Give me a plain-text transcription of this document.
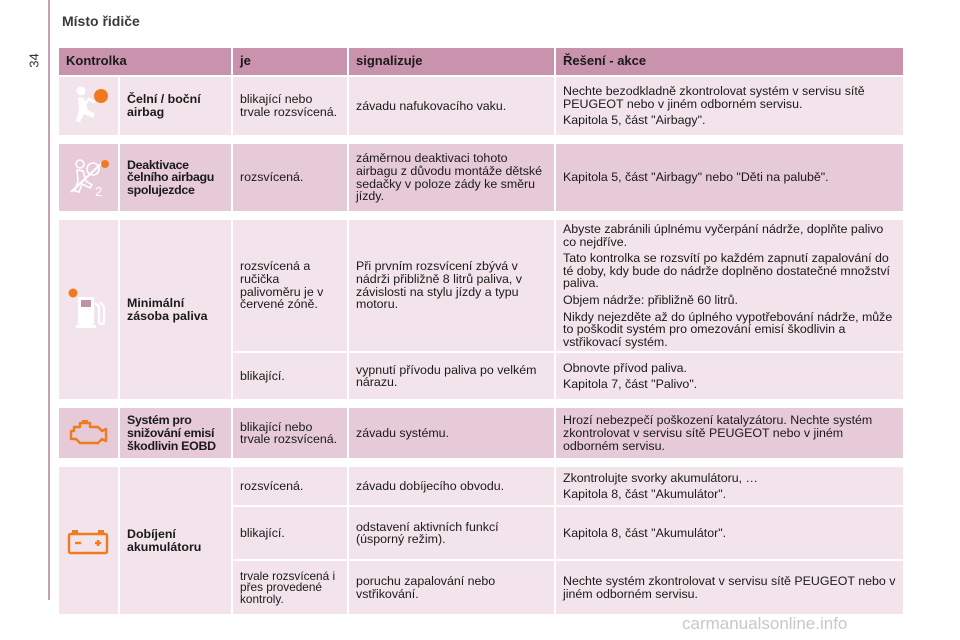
34
Místo řidiče
Kontrolka		je	signalizuje	Řešení - akce

	Čelní / boční airbag	blikající nebo trvale rozsvícená.	závadu nafukovacího vaku.	Nechte bezodkladně zkontrolovat systém v servisu sítě PEUGEOT nebo v jiném odborném servisu.

Kapitola 5, část "Airbagy".

2	Deaktivace čelního airbagu spolujezdce	rozsvícená.	záměrnou deaktivaci tohoto airbagu z důvodu montáže dětské sedačky v poloze zády ke směru jízdy.	Kapitola 5, část "Airbagy" nebo "Děti na palubě".

	Minimální zásoba paliva	rozsvícená a ručička palivoměru je v červené zóně.	Při prvním rozsvícení zbývá v nádrži přibližně 8 litrů paliva, v závislosti na stylu jízdy a typu motoru.	Abyste zabránili úplnému vyčerpání nádrže, doplňte palivo co nejdříve.

Tato kontrolka se rozsvítí po každém zapnutí zapalování do té doby, kdy bude do nádrže doplněno dostatečné množství paliva.

Objem nádrže: přibližně 60 litrů.

Nikdy nejezděte až do úplného vypotřebování nádrže, může to poškodit systém pro omezování emisí škodlivin a vstřikovací systém.

		blikající.	vypnutí přívodu paliva po velkém nárazu.	Obnovte přívod paliva.

Kapitola 7, část "Palivo".

	Systém pro snižování emisí škodlivin EOBD	blikající nebo trvale rozsvícená.	závadu systému.	Hrozí nebezpečí poškození katalyzátoru. Nechte systém zkontrolovat v servisu sítě PEUGEOT nebo v jiném odborném servisu.

	Dobíjení akumulátoru	rozsvícená.	závadu dobíjecího obvodu.	Zkontrolujte svorky akumulátoru, …

Kapitola 8, část "Akumulátor".

		blikající.	odstavení aktivních funkcí (úsporný režim).	Kapitola 8, část "Akumulátor".

		trvale rozsvícená i přes provedené kontroly.	poruchu zapalování nebo vstřikování.	Nechte systém zkontrolovat v servisu sítě PEUGEOT nebo v jiném odborném servisu.

carmanualsonline.info
